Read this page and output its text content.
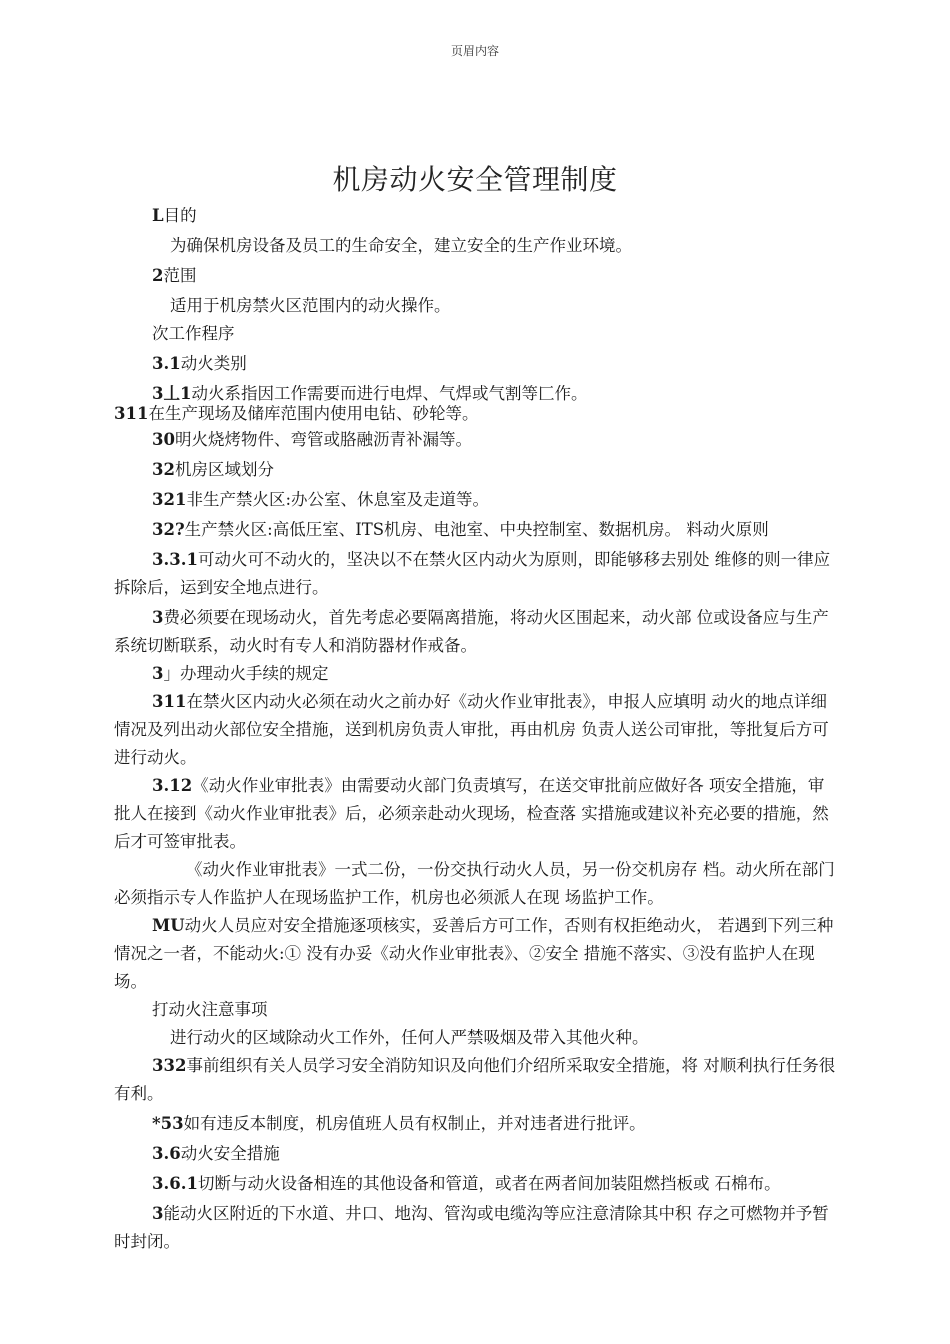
页眉内容
机房动火安全管理制度

L目的

为确保机房设备及员工的生命安全，建立安全的生产作业环境。

2范围

适用于机房禁火区范围内的动火操作。

次工作程序

3.1动火类别

3丄1动火系指因工作需要而进行电焊、气焊或气割等匚作。

311在生产现场及储库范围内使用电钻、砂轮等。

30明火烧烤物件、弯管或胳融沥青补漏等。

32机房区域划分

321非生产禁火区:办公室、休息室及走道等。

32?生产禁火区:高低圧室、ITS机房、电池室、中央控制室、数据机房。 料动火原则

3.3.1可动火可不动火的，坚决以不在禁火区内动火为原则，即能够移去别处 维修的则一律应拆除后，运到安全地点进行。

3费必须要在现场动火，首先考虑必要隔离措施，将动火区围起来，动火部 位或设备应与生产系统切断联系，动火时有专人和消防器材作戒备。

3」办理动火手续的规定

311在禁火区内动火必须在动火之前办好《动火作业审批表》，申报人应填明 动火的地点详细情况及列出动火部位安全措施，送到机房负责人审批，再由机房 负责人送公司审批，等批复后方可进行动火。

3.12《动火作业审批表》由需要动火部门负责填写，在送交审批前应做好各 项安全措施，审批人在接到《动火作业审批表》后，必须亲赴动火现场，检查落 实措施或建议补充必要的措施，然后才可签审批表。

《动火作业审批表》一式二份，一份交执行动火人员，另一份交机房存 档。动火所在部门必须指示专人作监护人在现场监护工作，机房也必须派人在现 场监护工作。

MU动火人员应对安全措施逐项核实，妥善后方可工作，否则有权拒绝动火， 若遇到下列三种情况之一者，不能动火:① 没有办妥《动火作业审批表》、②安全 措施不落实、③没有监护人在现场。

打动火注意事项

进行动火的区域除动火工作外，任何人严禁吸烟及带入其他火种。

332事前组织有关人员学习安全消防知识及向他们介绍所采取安全措施，将 对顺利执行任务很有利。

*53如有违反本制度，机房值班人员有权制止，并对违者进行批评。

3.6动火安全措施

3.6.1切断与动火设备相连的其他设备和管道，或者在两者间加装阻燃挡板或 石棉布。

3能动火区附近的下水道、井口、地沟、管沟或电缆沟等应注意清除其中积 存之可燃物并予暂时封闭。
